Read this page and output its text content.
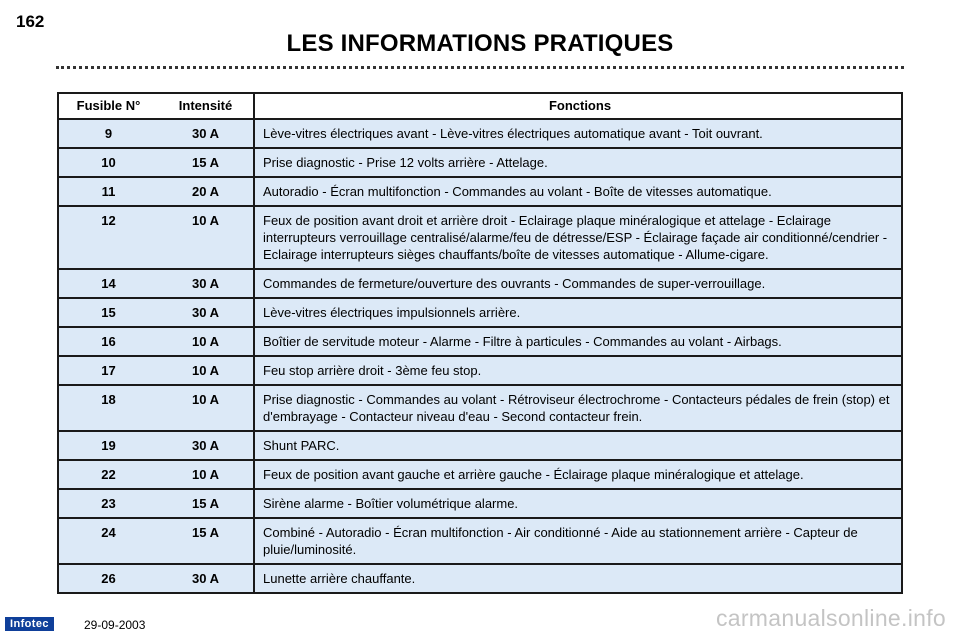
162
LES INFORMATIONS PRATIQUES
Fusible N°	Intensité	Fonctions
9	30 A	Lève-vitres électriques avant - Lève-vitres électriques automatique avant - Toit ouvrant.
10	15 A	Prise diagnostic - Prise 12 volts arrière - Attelage.
11	20 A	Autoradio - Écran multifonction - Commandes au volant - Boîte de vitesses automatique.
12	10 A	Feux de position avant droit et arrière droit - Eclairage plaque minéralogique et attelage - Eclairage interrupteurs verrouillage centralisé/alarme/feu de détresse/ESP - Éclairage façade air conditionné/cendrier - Eclairage interrupteurs sièges chauffants/boîte de vitesses automatique - Allume-cigare.
14	30 A	Commandes de fermeture/ouverture des ouvrants - Commandes de super-verrouillage.
15	30 A	Lève-vitres électriques impulsionnels arrière.
16	10 A	Boîtier de servitude moteur - Alarme - Filtre à particules - Commandes au volant - Airbags.
17	10 A	Feu stop arrière droit - 3ème feu stop.
18	10 A	Prise diagnostic - Commandes au volant - Rétroviseur électrochrome - Contacteurs pédales de frein (stop) et d'embrayage - Contacteur niveau d'eau - Second contacteur frein.
19	30 A	Shunt PARC.
22	10 A	Feux de position avant gauche et arrière gauche - Éclairage plaque minéralogique et attelage.
23	15 A	Sirène alarme - Boîtier volumétrique alarme.
24	15 A	Combiné - Autoradio - Écran multifonction - Air conditionné - Aide au stationnement arrière - Capteur de pluie/luminosité.
26	30 A	Lunette arrière chauffante.
Infotec	29-09-2003	carmanualsonline.info
